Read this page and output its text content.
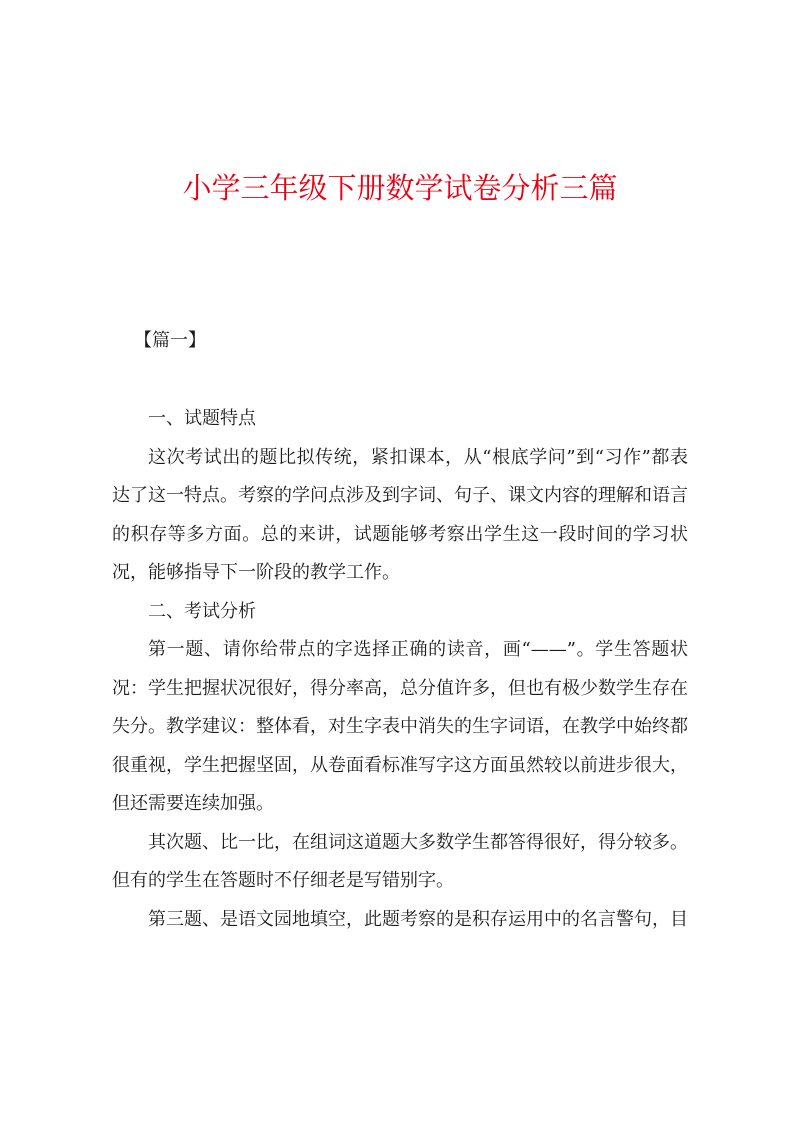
小学三年级下册数学试卷分析三篇
【篇一】

一、试题特点

这次考试出的题比拟传统，紧扣课本，从“根底学问”到“习作”都表达了这一特点。考察的学问点涉及到字词、句子、课文内容的理解和语言的积存等多方面。总的来讲，试题能够考察出学生这一段时间的学习状况，能够指导下一阶段的教学工作。

二、考试分析

第一题、请你给带点的字选择正确的读音，画“——”。学生答题状况：学生把握状况很好，得分率高，总分值许多，但也有极少数学生存在失分。教学建议：整体看，对生字表中消失的生字词语，在教学中始终都很重视，学生把握坚固，从卷面看标准写字这方面虽然较以前进步很大，但还需要连续加强。

其次题、比一比，在组词这道题大多数学生都答得很好，得分较多。但有的学生在答题时不仔细老是写错别字。

第三题、是语文园地填空，此题考察的是积存运用中的名言警句，目
